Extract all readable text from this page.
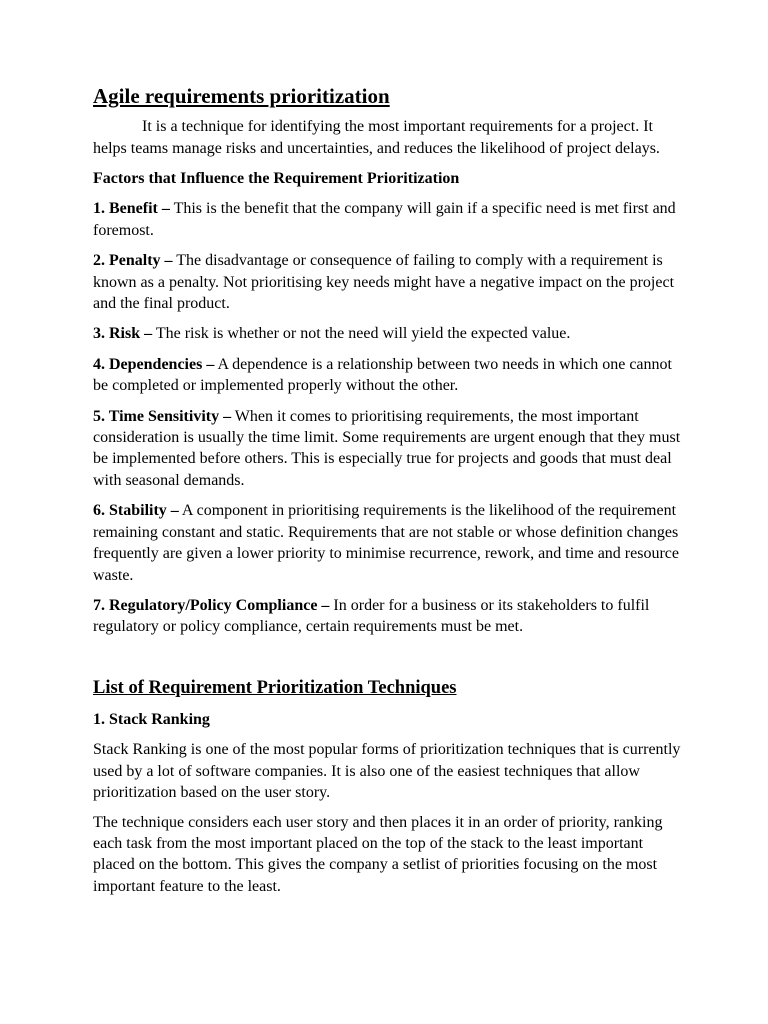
Agile requirements prioritization

It is a technique for identifying the most important requirements for a project. It helps teams manage risks and uncertainties, and reduces the likelihood of project delays.

Factors that Influence the Requirement Prioritization

1. Benefit – This is the benefit that the company will gain if a specific need is met first and foremost.

2. Penalty – The disadvantage or consequence of failing to comply with a requirement is known as a penalty. Not prioritising key needs might have a negative impact on the project and the final product.

3. Risk – The risk is whether or not the need will yield the expected value.

4. Dependencies – A dependence is a relationship between two needs in which one cannot be completed or implemented properly without the other.

5. Time Sensitivity – When it comes to prioritising requirements, the most important consideration is usually the time limit. Some requirements are urgent enough that they must be implemented before others. This is especially true for projects and goods that must deal with seasonal demands.

6. Stability – A component in prioritising requirements is the likelihood of the requirement remaining constant and static. Requirements that are not stable or whose definition changes frequently are given a lower priority to minimise recurrence, rework, and time and resource waste.

7. Regulatory/Policy Compliance – In order for a business or its stakeholders to fulfil regulatory or policy compliance, certain requirements must be met.

List of Requirement Prioritization Techniques

1. Stack Ranking

Stack Ranking is one of the most popular forms of prioritization techniques that is currently used by a lot of software companies. It is also one of the easiest techniques that allow prioritization based on the user story.

The technique considers each user story and then places it in an order of priority, ranking each task from the most important placed on the top of the stack to the least important placed on the bottom. This gives the company a setlist of priorities focusing on the most important feature to the least.
